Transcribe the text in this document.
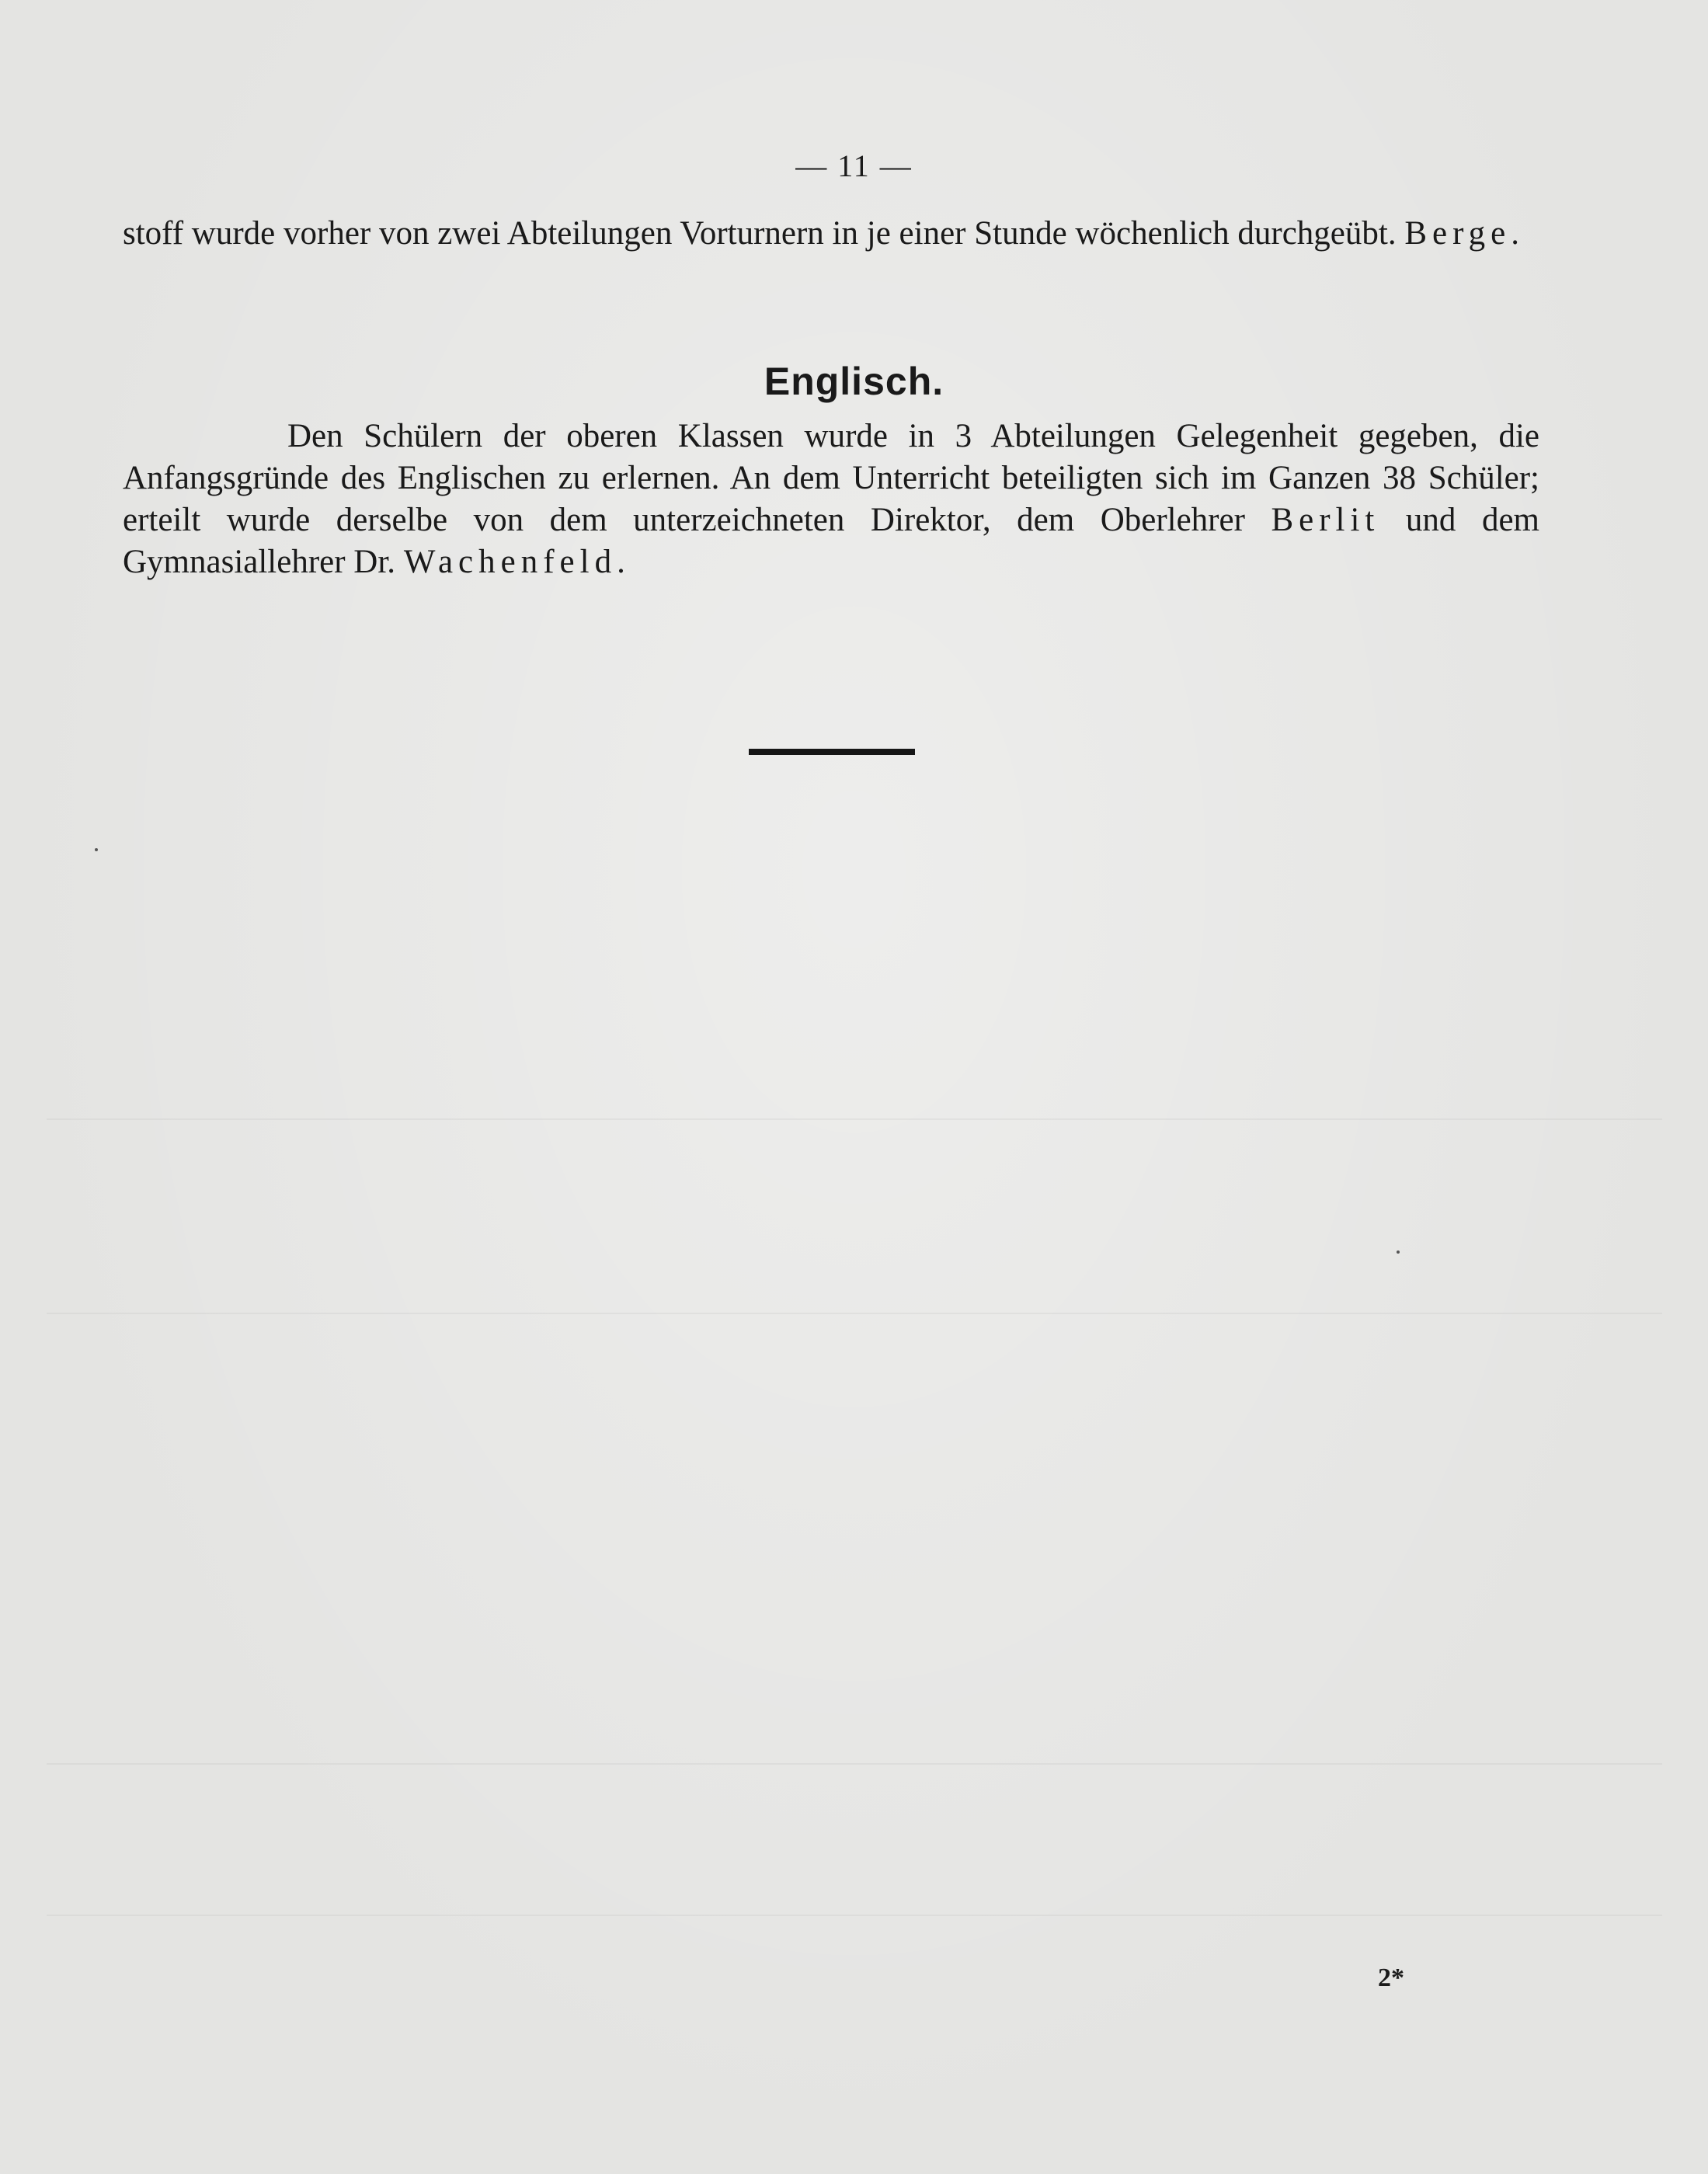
— 11 —

stoff wurde vorher von zwei Abteilungen Vorturnern in je einer Stunde wöchenlich durchgeübt. Berge.

Englisch.

Den Schülern der oberen Klassen wurde in 3 Abteilungen Gelegenheit gegeben, die Anfangsgründe des Englischen zu erlernen. An dem Unterricht beteiligten sich im Ganzen 38 Schüler; erteilt wurde derselbe von dem unterzeichneten Direktor, dem Oberlehrer Berlit und dem Gymnasiallehrer Dr. Wachenfeld.

2*
